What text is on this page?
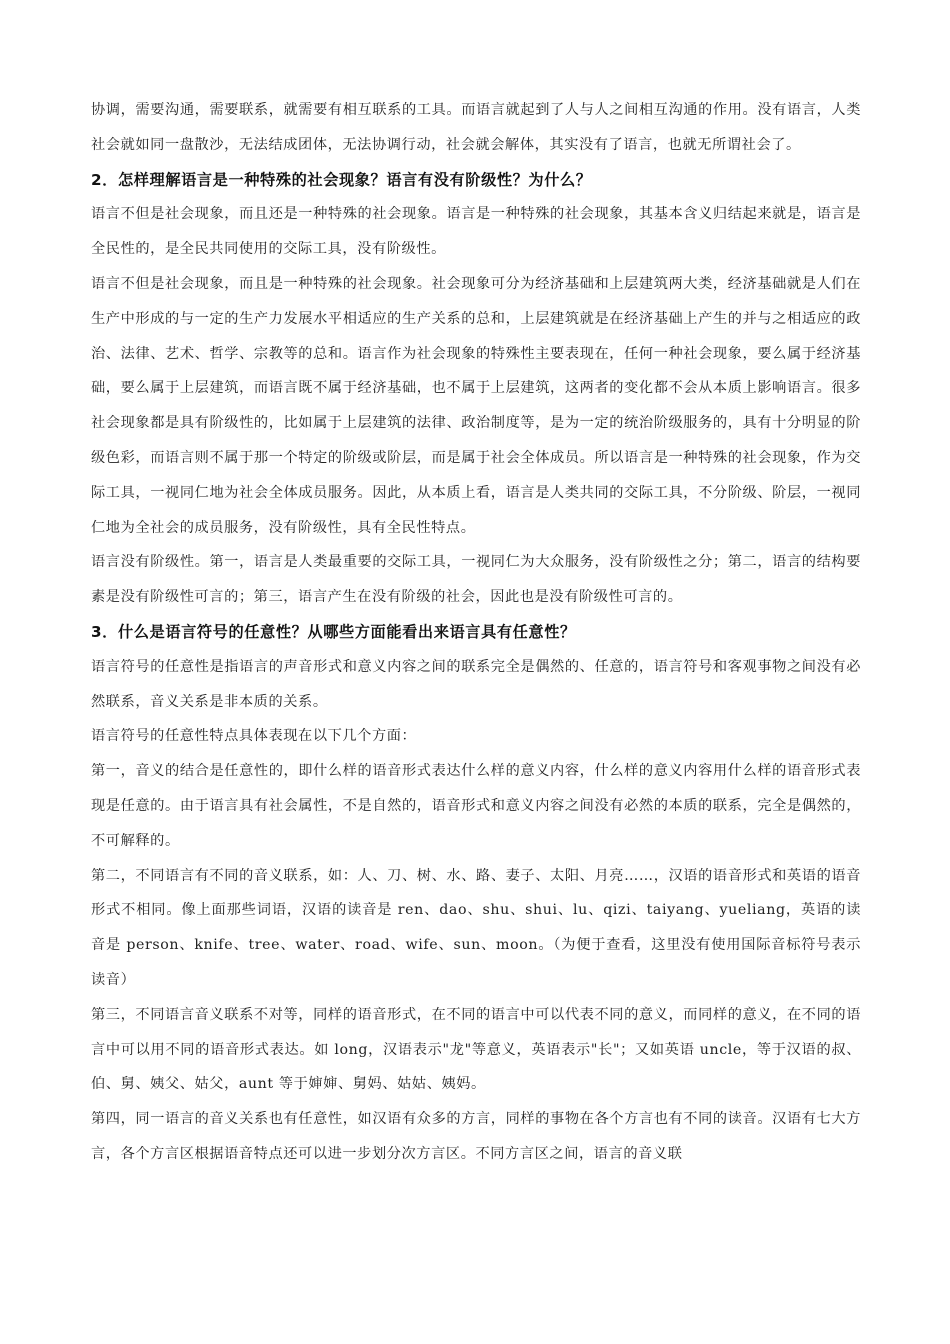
协调，需要沟通，需要联系，就需要有相互联系的工具。而语言就起到了人与人之间相互沟通的作用。没有语言，人类社会就如同一盘散沙，无法结成团体，无法协调行动，社会就会解体，其实没有了语言，也就无所谓社会了。

2．怎样理解语言是一种特殊的社会现象？语言有没有阶级性？为什么？

语言不但是社会现象，而且还是一种特殊的社会现象。语言是一种特殊的社会现象，其基本含义归结起来就是，语言是全民性的，是全民共同使用的交际工具，没有阶级性。

语言不但是社会现象，而且是一种特殊的社会现象。社会现象可分为经济基础和上层建筑两大类，经济基础就是人们在生产中形成的与一定的生产力发展水平相适应的生产关系的总和，上层建筑就是在经济基础上产生的并与之相适应的政治、法律、艺术、哲学、宗教等的总和。语言作为社会现象的特殊性主要表现在，任何一种社会现象，要么属于经济基础，要么属于上层建筑，而语言既不属于经济基础，也不属于上层建筑，这两者的变化都不会从本质上影响语言。很多社会现象都是具有阶级性的，比如属于上层建筑的法律、政治制度等，是为一定的统治阶级服务的，具有十分明显的阶级色彩，而语言则不属于那一个特定的阶级或阶层，而是属于社会全体成员。所以语言是一种特殊的社会现象，作为交际工具，一视同仁地为社会全体成员服务。因此，从本质上看，语言是人类共同的交际工具，不分阶级、阶层，一视同仁地为全社会的成员服务，没有阶级性，具有全民性特点。

语言没有阶级性。第一，语言是人类最重要的交际工具，一视同仁为大众服务，没有阶级性之分；第二，语言的结构要素是没有阶级性可言的；第三，语言产生在没有阶级的社会，因此也是没有阶级性可言的。

3．什么是语言符号的任意性？从哪些方面能看出来语言具有任意性？

语言符号的任意性是指语言的声音形式和意义内容之间的联系完全是偶然的、任意的，语言符号和客观事物之间没有必然联系，音义关系是非本质的关系。

语言符号的任意性特点具体表现在以下几个方面：

第一，音义的结合是任意性的，即什么样的语音形式表达什么样的意义内容，什么样的意义内容用什么样的语音形式表现是任意的。由于语言具有社会属性，不是自然的，语音形式和意义内容之间没有必然的本质的联系，完全是偶然的，不可解释的。

第二，不同语言有不同的音义联系，如：人、刀、树、水、路、妻子、太阳、月亮……，汉语的语音形式和英语的语音形式不相同。像上面那些词语，汉语的读音是 ren、dao、shu、shui、lu、qizi、taiyang、yueliang，英语的读音是 person、knife、tree、water、road、wife、sun、moon。（为便于查看，这里没有使用国际音标符号表示读音）

第三，不同语言音义联系不对等，同样的语音形式，在不同的语言中可以代表不同的意义，而同样的意义，在不同的语言中可以用不同的语音形式表达。如 long，汉语表示"龙"等意义，英语表示"长"；又如英语 uncle，等于汉语的叔、伯、舅、姨父、姑父，aunt 等于婶婶、舅妈、姑姑、姨妈。

第四，同一语言的音义关系也有任意性，如汉语有众多的方言，同样的事物在各个方言也有不同的读音。汉语有七大方言，各个方言区根据语音特点还可以进一步划分次方言区。不同方言区之间，语言的音义联
